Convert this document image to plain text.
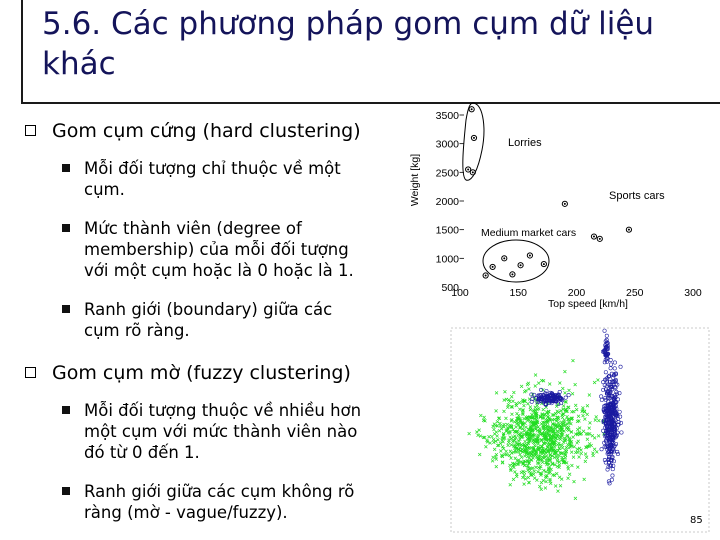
5.6. Các phương pháp gom cụm dữ liệu
khác
Gom cụm cứng (hard clustering)
Mỗi đối tượng chỉ thuộc về một
cụm.
Mức thành viên (degree of
membership) của mỗi đối tượng
với một cụm hoặc là 0 hoặc là 1.
Ranh giới (boundary) giữa các
cụm rõ ràng.
Gom cụm mờ (fuzzy clustering)
Mỗi đối tượng thuộc về nhiều hơn
một cụm với mức thành viên nào
đó từ 0 đến 1.
Ranh giới giữa các cụm không rõ
ràng (mờ - vague/fuzzy).
500
1000
1500
2000
2500
3000
3500
100	150	200	250	300
Lorries
Sports cars
Medium market cars
Top speed [km/h]
Weight [kg]
85
